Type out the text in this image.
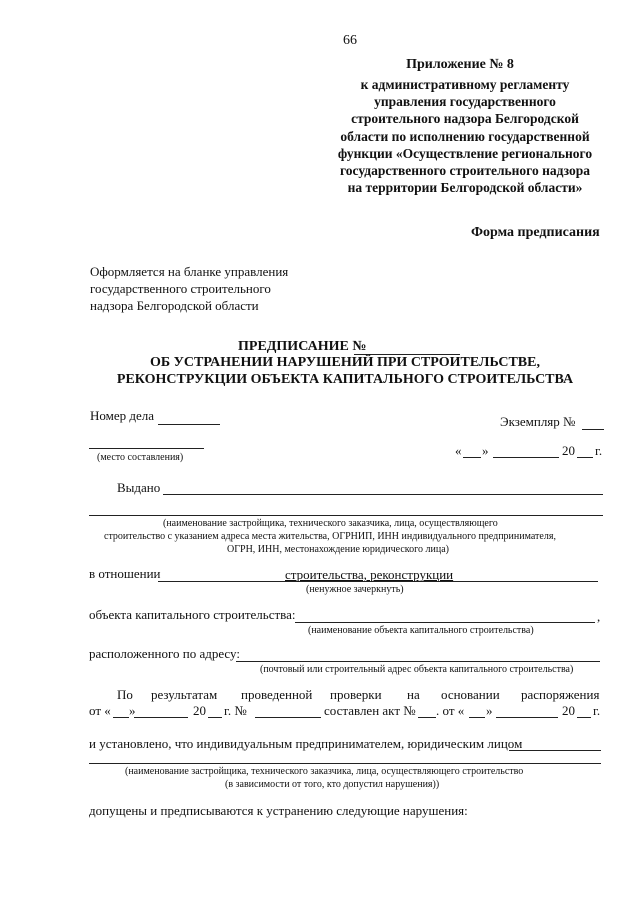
66
Приложение № 8
к административному регламенту
управления государственного
строительного надзора Белгородской
области по исполнению государственной
функции «Осуществление регионального
государственного строительного надзора
на территории Белгородской области»
Форма предписания
Оформляется на бланке управления
государственного строительного
надзора Белгородской области
ПРЕДПИСАНИЕ №
ОБ УСТРАНЕНИИ НАРУШЕНИЙ ПРИ СТРОИТЕЛЬСТВЕ,
РЕКОНСТРУКЦИИ ОБЪЕКТА КАПИТАЛЬНОГО СТРОИТЕЛЬСТВА
Номер дела	Экземпляр №
(место составления)	« »	20 г.
Выдано
(наименование застройщика, технического заказчика, лица, осуществляющего
строительство с указанием адреса места жительства, ОГРНИП, ИНН индивидуального предпринимателя,
ОГРН, ИНН, местонахождение юридического лица)
в отношении	строительства, реконструкции
(ненужное зачеркнуть)
объекта капитального строительства:	,
(наименование объекта капитального строительства)
расположенного по адресу:
(почтовый или строительный адрес объекта капитального строительства)
По результатам проведенной проверки на основании распоряжения
от « »	20 г. №	составлен акт № . от « »	20 г.
и установлено, что индивидуальным предпринимателем, юридическим лицом
(наименование застройщика, технического заказчика, лица, осуществляющего строительство
(в зависимости от того, кто допустил нарушения))
допущены и предписываются к устранению следующие нарушения:
